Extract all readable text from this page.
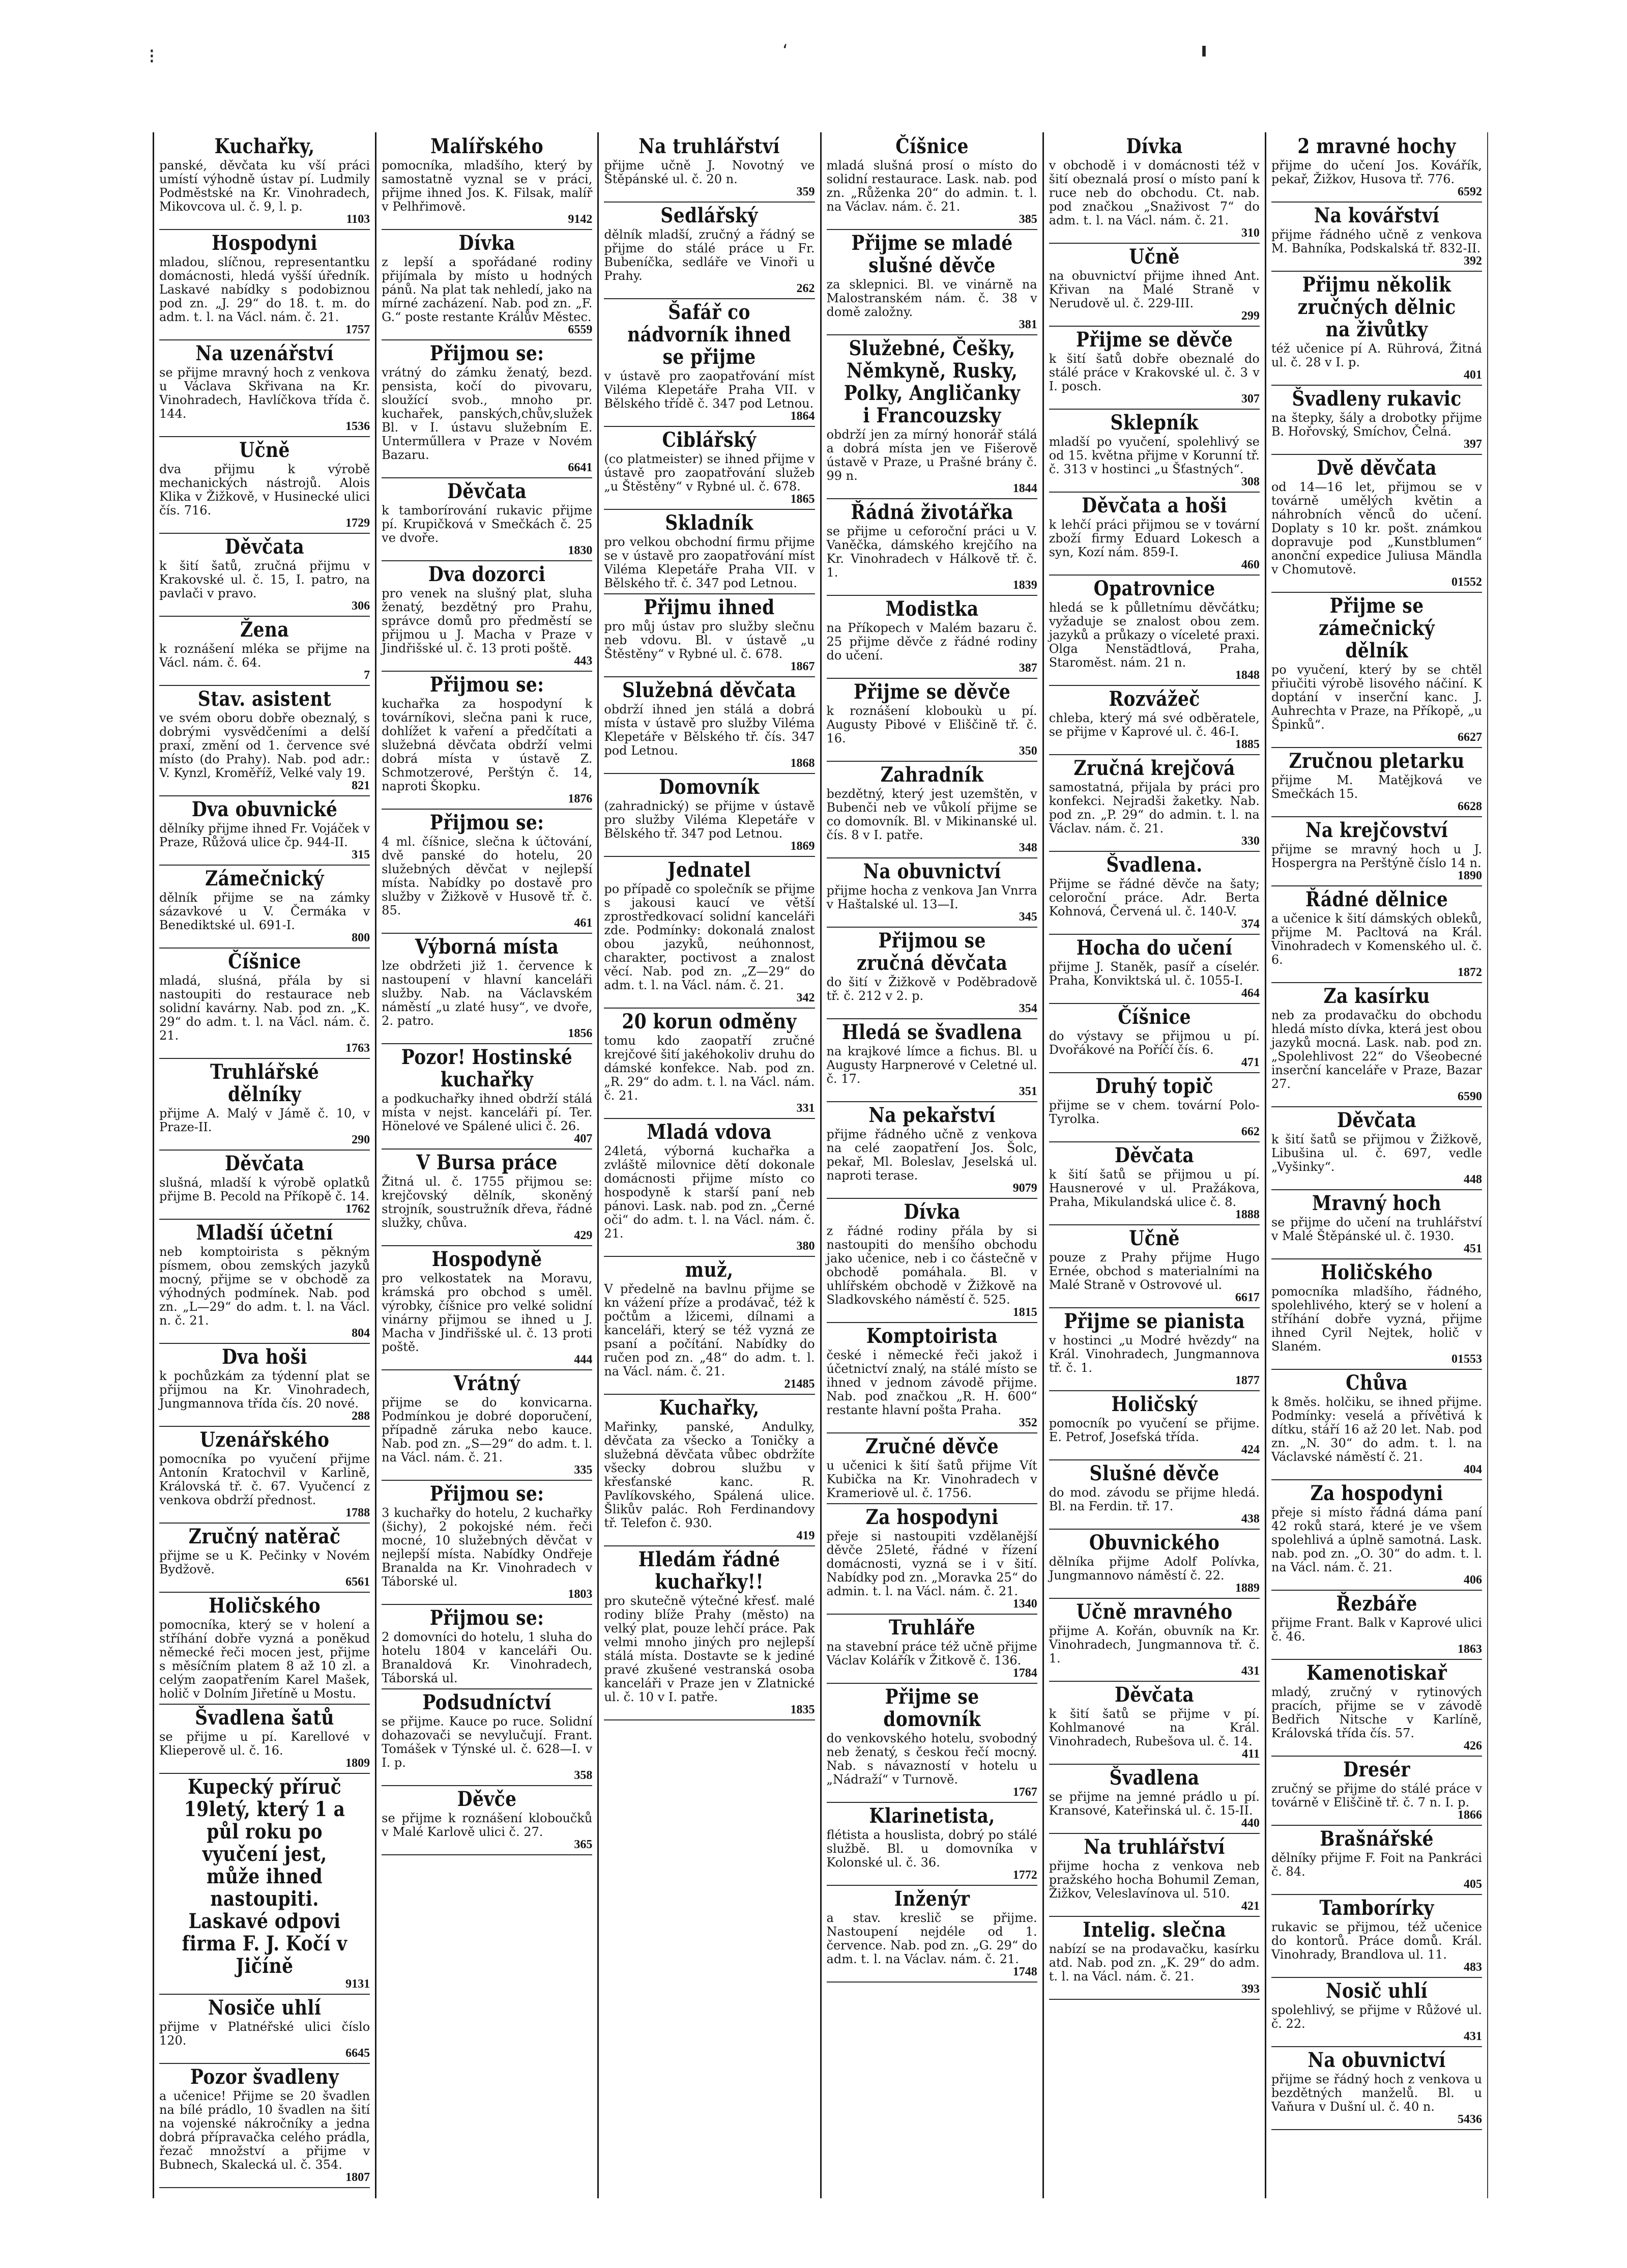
⁝	ʻ	ı
Kuchařky,

panské, děvčata ku vší práci umístí výhodně ústav pí. Ludmily Podměstské na Kr. Vinohradech, Mikovcova ul. č. 9, l. p.

1103
Hospodyni

mladou, slíčnou, representantku domácnosti, hledá vyšší úředník. Laskavé nabídky s podobiznou pod zn. „J. 29“ do 18. t. m. do adm. t. l. na Václ. nám. č. 21.

1757
Na uzenářství

se přijme mravný hoch z venkova u Václava Skřivana na Kr. Vinohradech, Havlíčkova třída č. 144.

1536
Učně

dva přijmu k výrobě mechanických nástrojů. Alois Klika v Žižkově, v Husinecké ulici čís. 716.

1729
Děvčata

k šití šatů, zručná přijmu v Krakovské ul. č. 15, I. patro, na pavlači v pravo.

306
Žena

k roznášení mléka se přijme na Václ. nám. č. 64.

7
Stav. asistent

ve svém oboru dobře obeznalý, s dobrými vysvědčeními a delší praxí, změní od 1. července své místo (do Prahy). Nab. pod adr.: V. Kynzl, Kroměříž, Velké valy 19.

821
Dva obuvnické

dělníky přijme ihned Fr. Vojáček v Praze, Růžová ulice čp. 944-II.

315
Zámečnický

dělník přijme se na zámky sázavkové u V. Čermáka v Benediktské ul. 691-I.

800
Číšnice

mladá, sluśná, přála by si nastoupiti do restaurace neb solidní kavárny. Nab. pod zn. „K. 29“ do adm. t. l. na Václ. nám. č. 21.

1763
Truhlářské dělníky

přijme A. Malý v Jámě č. 10, v Praze-II.

290
Děvčata

slušná, mladší k výrobě oplatků přijme B. Pecold na Příkopě č. 14.

1762
Mladší účetní

neb komptoirista s pěkným písmem, obou zemských jazyků mocný, přijme se v obchodě za výhodných podmínek. Nab. pod zn. „L—29“ do adm. t. l. na Václ. n. č. 21.

804
Dva hoši

k pochůzkám za týdenní plat se přijmou na Kr. Vinohradech, Jungmannova třída čís. 20 nové.

288
Uzenářského

pomocníka po vyučení přijme Antonín Kratochvil v Karlině, Královská tř. č. 67. Vyučencí z venkova obdrží přednost.

1788
Zručný natěrač

přijme se u K. Pečinky v Novém Bydžově.

6561
Holičského

pomocníka, který se v holení a stříhání dobře vyzná a poněkud německé řeči mocen jest, přijme s měsíčním platem 8 až 10 zl. a celým zaopatřením Karel Mašek, holič v Dolním Jiřetíně u Mostu.

Švadlena šatů

se přijme u pí. Karellové v Klieperově ul. č. 16.

1809
Kupecký příruč 19letý, který 1 a půl roku po vyučení jest, může ihned nastoupiti. Laskavé odpovi firma F. J. Kočí v Jičíně
9131
Nosiče uhlí

přijme v Platnéřské ulici číslo 120.

6645
Pozor švadleny

a učenice! Přijme se 20 švadlen na bílé prádlo, 10 švadlen na šití na vojenské nákročníky a jedna dobrá přípravačka celého prádla, řezač množství a přijme v Bubnech, Skalecká ul. č. 354.

1807
Malířského

pomocníka, mladšího, který by samostatně vyznal se v práci, přijme ihned Jos. K. Filsak, malíř v Pelhřimově.

9142
Dívka

z lepší a spořádané rodiny přijímala by místo u hodných pánů. Na plat tak nehledí, jako na mírné zacházení. Nab. pod zn. „F. G.“ poste restante Králův Městec.

6559
Přijmou se:

vrátný do zámku ženatý, bezd. pensista, kočí do pivovaru, sloužící svob., mnoho pr. kuchařek, panských,chův,služek Bl. v I. ústavu služebním E. Unterműllera v Praze v Novém Bazaru.

6641
Děvčata

k tamborírování rukavic přijme pí. Krupičková v Smečkách č. 25 ve dvoře.

1830
Dva dozorci

pro venek na slušný plat, sluha ženatý, bezdětný pro Prahu, správce domů pro předměstí se přijmou u J. Macha v Praze v Jindřišské ul. č. 13 proti poště.

443
Přijmou se:

kuchařka za hospodyní k továrníkovi, slečna pani k ruce, dohlížet k vaření a předčítati a služebná děvčata obdrží velmi dobrá místa v ústavě Z. Schmotzerové, Perštýn č. 14, naproti Škopku.

1876
Přijmou se:

4 ml. číšnice, slečna k účtování, dvě panské do hotelu, 20 služebných děvčat v nejlepší místa. Nabídky po dostavě pro služby v Žižkově v Husově tř. č. 85.

461
Výborná místa

lze obdržeti již 1. července k nastoupení v hlavní kanceláři služby. Nab. na Václavském náměstí „u zlaté husy“, ve dvoře, 2. patro.

1856
Pozor! Hostinské kuchařky

a podkuchařky ihned obdrží stálá místa v nejst. kanceláři pí. Ter. Hönelové ve Spálené ulici č. 26.

407
V Bursa práce

Žitná ul. č. 1755 přijmou se: krejčovský dělník, skoněný strojník, soustružník dřeva, řádné služky, chůva.

429
Hospodyně

pro velkostatek na Moravu, krámská pro obchod s uměl. výrobky, číšnice pro velké solidní vinárny přijmou se ihned u J. Macha v Jindřišské ul. č. 13 proti poště.

444
Vrátný

přijme se do konvicarna. Podmínkou je dobré doporučení, případně záruka nebo kauce. Nab. pod zn. „S—29“ do adm. t. l. na Václ. nám. č. 21.

335
Přijmou se:

3 kuchařky do hotelu, 2 kuchařky (šichy), 2 pokojské ném. řeči mocné, 10 služebných děvčat v nejlepší místa. Nabídky Ondřeje Branalda na Kr. Vinohradech v Táborské ul.

1803
Přijmou se:

2 domovníci do hotelu, 1 sluha do hotelu 1804 v kanceláři Ou. Branaldová Kr. Vinohradech, Táborská ul.

Podsudníctví

se přijme. Kauce po ruce. Solidní dohazovači se nevylučují. Frant. Tomášek v Týnské ul. č. 628—I. v I. p.

358
Děvče

se přijme k roznášení kloboučků v Malé Karlově ulici č. 27.

365
Na truhlářství

přijme učně J. Novotný ve Štěpánské ul. č. 20 n.

359
Sedlářský

dělník mladší, zručný a řádný se přijme do stálé práce u Fr. Bubeníčka, sedláře ve Vinoři u Prahy.

262
Šafář co nádvorník ihned se přijme

v ústavě pro zaopatřování míst Viléma Klepetáře Praha VII. v Bělského třídě č. 347 pod Letnou.

1864
Ciblářský

(co platmeister) se ihned přijme v ústavě pro zaopatřování služeb „u Štěstěny“ v Rybné ul. č. 678.

1865
Skladník

pro velkou obchodní firmu přijme se v ústavě pro zaopatřování míst Viléma Klepetáře Praha VII. v Bělského tř. č. 347 pod Letnou.

Přijmu ihned

pro můj ústav pro služby slečnu neb vdovu. Bl. v ústavě „u Štěstěny“ v Rybné ul. č. 678.

1867
Služebná děvčata

obdrží ihned jen stálá a dobrá místa v ústavě pro služby Viléma Klepetáře v Bělského tř. čís. 347 pod Letnou.

1868
Domovník

(zahradnický) se přijme v ústavě pro služby Viléma Klepetáře v Bělského tř. 347 pod Letnou.

1869
Jednatel

po případě co společník se přijme s jakousi kaucí ve větší zprostředkovací solidní kanceláři zde. Podmínky: dokonalá znalost obou jazyků, neúhonnost, charakter, poctivost a znalost věcí. Nab. pod zn. „Z—29“ do adm. t. l. na Václ. nám. č. 21.

342
20 korun odměny

tomu kdo zaopatří zručné krejčové šití jakéhokoliv druhu do dámské konfekce. Nab. pod zn. „R. 29“ do adm. t. l. na Václ. nám. č. 21.

331
Mladá vdova

24letá, výborná kuchařka a zvláště milovnice dětí dokonale domácnosti přijme místo co hospodyně k starší paní neb pánovi. Lask. nab. pod zn. „Černé oči“ do adm. t. l. na Václ. nám. č. 21.

380
muž,

V předelně na bavlnu přijme se kn vážení příze a prodávač, též k počtům a lžicemi, dílnami a kanceláři, který se též vyzná ze psaní a počítání. Nabídky do ručen pod zn. „48“ do adm. t. l. na Václ. nám. č. 21.

21485
Kuchařky,

Mařinky, panské, Andulky, děvčata za všecko a Toničky a služebná děvčata vůbec obdržíte všecky dobrou službu v křesťanské kanc. R. Pavlíkovského, Spálená ulice. Šlikův palác. Roh Ferdinandovy tř. Telefon č. 930.

419
Hledám řádné kuchařky!!

pro skutečně výtečné křesť. malé rodiny blíže Prahy (město) na velký plat, pouze lehčí práce. Pak velmi mnoho jiných pro nejlepší stálá místa. Dostavte se k jediné pravé zkušené vestranská osoba kanceláři v Praze jen v Zlatnické ul. č. 10 v I. patře.

1835
Číšnice

mladá slušná prosí o místo do solidní restaurace. Lask. nab. pod zn. „Růženka 20“ do admin. t. l. na Václav. nám. č. 21.

385
Přijme se mladé slušné děvče

za sklepnici. Bl. ve vinárně na Malostranském nám. č. 38 v domě založny.

381
Služebné, Češky, Němkyně, Rusky, Polky, Angličanky i Francouzsky

obdrží jen za mírný honorář stálá a dobrá místa jen ve Fišerově ústavě v Praze, u Prašné brány č. 99 n.

1844
Řádná životářka

se přijme u ceforoční práci u V. Vaněčka, dámského krejčího na Kr. Vinohradech v Hálkově tř. č. 1.

1839
Modistka

na Příkopech v Malém bazaru č. 25 přijme děvče z řádné rodiny do učení.

387
Přijme se děvče

k roznášení kloboukù u pí. Augusty Pibové v Eliščině tř. č. 16.

350
Zahradník

bezdětný, který jest uzemštěn, v Bubenči neb ve vůkolí přijme se co domovník. Bl. v Mikinanské ul. čís. 8 v I. patře.

348
Na obuvnictví

přijme hocha z venkova Jan Vnrra v Haštalské ul. 13—I.

345
Přijmou se zručná děvčata

do šití v Žižkově v Poděbradově tř. č. 212 v 2. p.

354
Hledá se švadlena

na krajkové límce a fichus. Bl. u Augusty Harpnerové v Celetné ul. č. 17.

351
Na pekařství

přijme řádného učně z venkova na celé zaopatření Jos. Šolc, pekař, Ml. Boleslav, Jeselská ul. naproti terase.

9079
Dívka

z řádné rodiny přála by si nastoupiti do menšího obchodu jako učenice, neb i co částečně v obchodě pomáhala. Bl. v uhlířském obchodě v Žižkově na Sladkovského náměstí č. 525.

1815
Komptoirista

české i německé řeči jakož i účetnictví znalý, na stálé místo se ihned v jednom závodě přijme. Nab. pod značkou „R. H. 600“ restante hlavní pošta Praha.

352
Zručné děvče

u učenici k šití šatů přijme Vít Kubička na Kr. Vinohradech v Krameriově ul. č. 1756.

Za hospodyni

přeje si nastoupiti vzdělanější děvče 25leté, řádné v řízení domácnosti, vyzná se i v šití. Nabídky pod zn. „Moravka 25“ do admin. t. l. na Václ. nám. č. 21.

1340
Truhláře

na stavební práce též učně přijme Václav Kolářík v Žitkově č. 136.

1784
Přijme se domovník

do venkovského hotelu, svobodný neb ženatý, s českou řečí mocný. Nab. s návazností v hotelu u „Nádraží“ v Turnově.

1767
Klarinetista,

flétista a houslista, dobrý po stálé službě. Bl. u domovníka v Kolonské ul. č. 36.

1772
Inženýr

a stav. kreslič se přijme. Nastoupení nejdéle od 1. července. Nab. pod zn. „G. 29“ do adm. t. l. na Václav. nám. č. 21.

1748
Dívka

v obchodě i v domácnosti též v šití obeznalá prosí o místo paní k ruce neb do obchodu. Ct. nab. pod značkou „Snaživost 7“ do adm. t. l. na Václ. nám. č. 21.

310
Učně

na obuvnictví přijme ihned Ant. Křivan na Malé Straně v Nerudově ul. č. 229-III.

299
Přijme se děvče

k šití šatů dobře obeznalé do stálé práce v Krakovské ul. č. 3 v I. posch.

307
Sklepník

mladší po vyučení, spolehlivý se od 15. května přijme v Korunní tř. č. 313 v hostinci „u Šťastných“.

308
Děvčata a hoši

k lehčí práci přijmou se v tovární zboží firmy Eduard Lokesch a syn, Kozí nám. 859-I.

460
Opatrovnice

hledá se k půlletnímu děvčátku; vyžaduje se znalost obou zem. jazyků a průkazy o víceleté praxi. Olga Nenstädtlová, Praha, Staroměst. nám. 21 n.

1848
Rozvážeč

chleba, který má své odběratele, se přijme v Kaprové ul. č. 46-I.

1885
Zručná krejčová

samostatná, přijala by práci pro konfekci. Nejradši žaketky. Nab. pod zn. „P. 29“ do admin. t. l. na Václav. nám. č. 21.

330
Švadlena.

Přijme se řádné děvče na šaty; celoroční práce. Adr. Berta Kohnová, Červená ul. č. 140-V.

374
Hocha do učení

přijme J. Staněk, pasíř a císelér. Praha, Konviktská ul. č. 1055-I.

464
Číšnice

do výstavy se přijmou u pí. Dvořákové na Poříčí čís. 6.

471
Druhý topič

přijme se v chem. tovární Polo-Tyrolka.

662
Děvčata

k šití šatů se přijmou u pí. Hausnerové v ul. Pražákova, Praha, Mikulandská ulice č. 8.

1888
Učně

pouze z Prahy přijme Hugo Ernée, obchod s materialními na Malé Straně v Ostrovové ul.

6617
Přijme se pianista

v hostinci „u Modré hvězdy“ na Král. Vinohradech, Jungmannova tř. č. 1.

1877
Holičský

pomocník po vyučení se přijme. E. Petrof, Josefská třída.

424
Slušné děvče

do mod. závodu se přijme hledá. Bl. na Ferdin. tř. 17.

438
Obuvnického

dělníka přijme Adolf Polívka, Jungmannovo náměstí č. 22.

1889
Učně mravného

přijme A. Kořán, obuvník na Kr. Vinohradech, Jungmannova tř. č. 1.

431
Děvčata

k šití šatů se přijme v pí. Kohlmanové na Král. Vinohradech, Rubešova ul. č. 14.

411
Švadlena

se přijme na jemné prádlo u pí. Kransové, Kateřinská ul. č. 15-II.

440
Na truhlářství

přijme hocha z venkova neb pražského hocha Bohumil Zeman, Žižkov, Veleslavínova ul. 510.

421
Intelig. slečna

nabízí se na prodavačku, kasírku atd. Nab. pod zn. „K. 29“ do adm. t. l. na Václ. nám. č. 21.

393
2 mravné hochy

přijme do učení Jos. Kovářík, pekař, Žižkov, Husova tř. 776.

6592
Na kovářství

přijme řádného učně z venkova M. Bahníka, Podskalská tř. 832-II.

392
Přijmu několik zručných dělnic na živůtky

též učenice pí A. Rührová, Žitná ul. č. 28 v I. p.

401
Švadleny rukavic

na štepky, šály a drobotky přijme B. Hořovský, Smíchov, Čelná.

397
Dvě děvčata

od 14—16 let, přijmou se v továrně umělých květin a náhrobních věnců do učení. Doplaty s 10 kr. pošt. známkou dopravuje pod „Kunstblumen“ anonční expedice Juliusa Mändla v Chomutově.

01552
Přijme se zámečnický dělník

po vyučení, který by se chtěl přiučiti výrobě lisového náčiní. K doptání v inserční kanc. J. Auhrechta v Praze, na Příkopě, „u Špinků“.

6627
Zručnou pletarku

přijme M. Matějková ve Smečkách 15.

6628
Na krejčovství

přijme se mravný hoch u J. Hospergra na Perštýně číslo 14 n.

1890
Řádné dělnice

a učenice k šití dámských obleků, přijme M. Pacltová na Král. Vinohradech v Komenského ul. č. 6.

1872
Za kasírku

neb za prodavačku do obchodu hledá místo dívka, která jest obou jazyků mocná. Lask. nab. pod zn. „Spolehlivost 22“ do Všeobecné inserční kanceláře v Praze, Bazar 27.

6590
Děvčata

k šití šatů se přijmou v Žižkově, Libušina ul. č. 697, vedle „Vyšinky“.

448
Mravný hoch

se přijme do učení na truhlářství v Malé Štěpánské ul. č. 1930.

451
Holičského

pomocníka mladšího, řádného, spolehlivého, který se v holení a stříhání dobře vyzná, přijme ihned Cyril Nejtek, holič v Slaném.

01553
Chůva

k 8měs. holčiku, se ihned přijme. Podmínky: veselá a přívětivá k dítku, stáří 16 až 20 let. Nab. pod zn. „N. 30“ do adm. t. l. na Václavské náměstí č. 21.

404
Za hospodyni

přeje si místo řádná dáma paní 42 roků stará, které je ve všem spolehlivá a úplně samotná. Lask. nab. pod zn. „O. 30“ do adm. t. l. na Václ. nám. č. 21.

406
Řezbáře

přijme Frant. Balk v Kaprové ulici č. 46.

1863
Kamenotiskař

mladý, zručný v rytinových pracích, přijme se v závodě Bedřich Nitsche v Karlíně, Královská třída čís. 57.

426
Dresér

zručný se přijme do stálé práce v továrně v Eliščině tř. č. 7 n. I. p.

1866
Brašnářské

dělníky přijme F. Foit na Pankráci č. 84.

405
Tamborírky

rukavic se přijmou, též učenice do kontorů. Práce domů. Král. Vinohrady, Brandlova ul. 11.

483
Nosič uhlí

spolehlivý, se přijme v Růžové ul. č. 22.

431
Na obuvnictví

přijme se řádný hoch z venkova u bezdětných manželů. Bl. u Vaňura v Dušní ul. č. 40 n.

5436
